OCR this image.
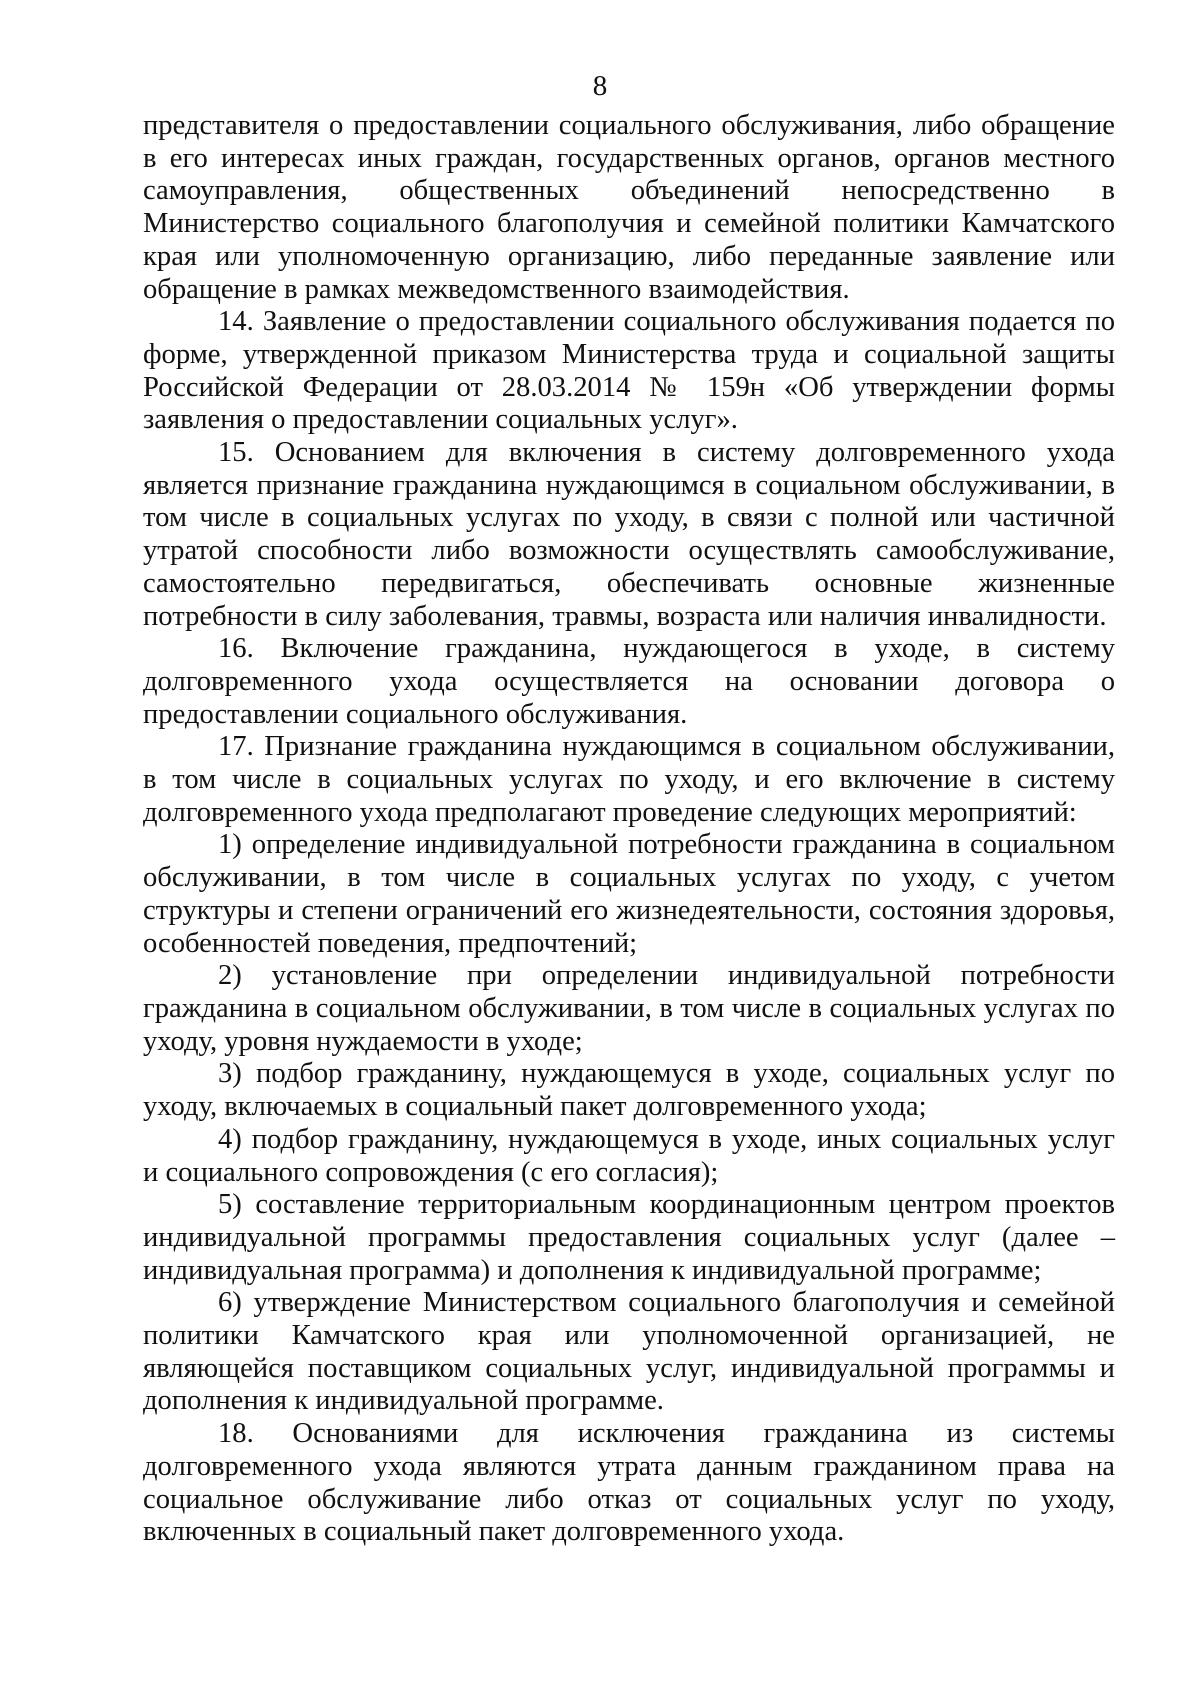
8

представителя о предоставлении социального обслуживания, либо обращение в его интересах иных граждан, государственных органов, органов местного самоуправления, общественных объединений непосредственно в Министерство социального благополучия и семейной политики Камчатского края или уполномоченную организацию, либо переданные заявление или обращение в рамках межведомственного взаимодействия.

14. Заявление о предоставлении социального обслуживания подается по форме, утвержденной приказом Министерства труда и социальной защиты Российской Федерации от 28.03.2014 № 159н «Об утверждении формы заявления о предоставлении социальных услуг».

15. Основанием для включения в систему долговременного ухода является признание гражданина нуждающимся в социальном обслуживании, в том числе в социальных услугах по уходу, в связи с полной или частичной утратой способности либо возможности осуществлять самообслуживание, самостоятельно передвигаться, обеспечивать основные жизненные потребности в силу заболевания, травмы, возраста или наличия инвалидности.

16. Включение гражданина, нуждающегося в уходе, в систему долговременного ухода осуществляется на основании договора о предоставлении социального обслуживания.

17. Признание гражданина нуждающимся в социальном обслуживании, в том числе в социальных услугах по уходу, и его включение в систему долговременного ухода предполагают проведение следующих мероприятий:

1) определение индивидуальной потребности гражданина в социальном обслуживании, в том числе в социальных услугах по уходу, с учетом структуры и степени ограничений его жизнедеятельности, состояния здоровья, особенностей поведения, предпочтений;

2) установление при определении индивидуальной потребности гражданина в социальном обслуживании, в том числе в социальных услугах по уходу, уровня нуждаемости в уходе;

3) подбор гражданину, нуждающемуся в уходе, социальных услуг по уходу, включаемых в социальный пакет долговременного ухода;

4) подбор гражданину, нуждающемуся в уходе, иных социальных услуг и социального сопровождения (с его согласия);

5) составление территориальным координационным центром проектов индивидуальной программы предоставления социальных услуг (далее – индивидуальная программа) и дополнения к индивидуальной программе;

6) утверждение Министерством социального благополучия и семейной политики Камчатского края или уполномоченной организацией, не являющейся поставщиком социальных услуг, индивидуальной программы и дополнения к индивидуальной программе.

18. Основаниями для исключения гражданина из системы долговременного ухода являются утрата данным гражданином права на социальное обслуживание либо отказ от социальных услуг по уходу, включенных в социальный пакет долговременного ухода.
